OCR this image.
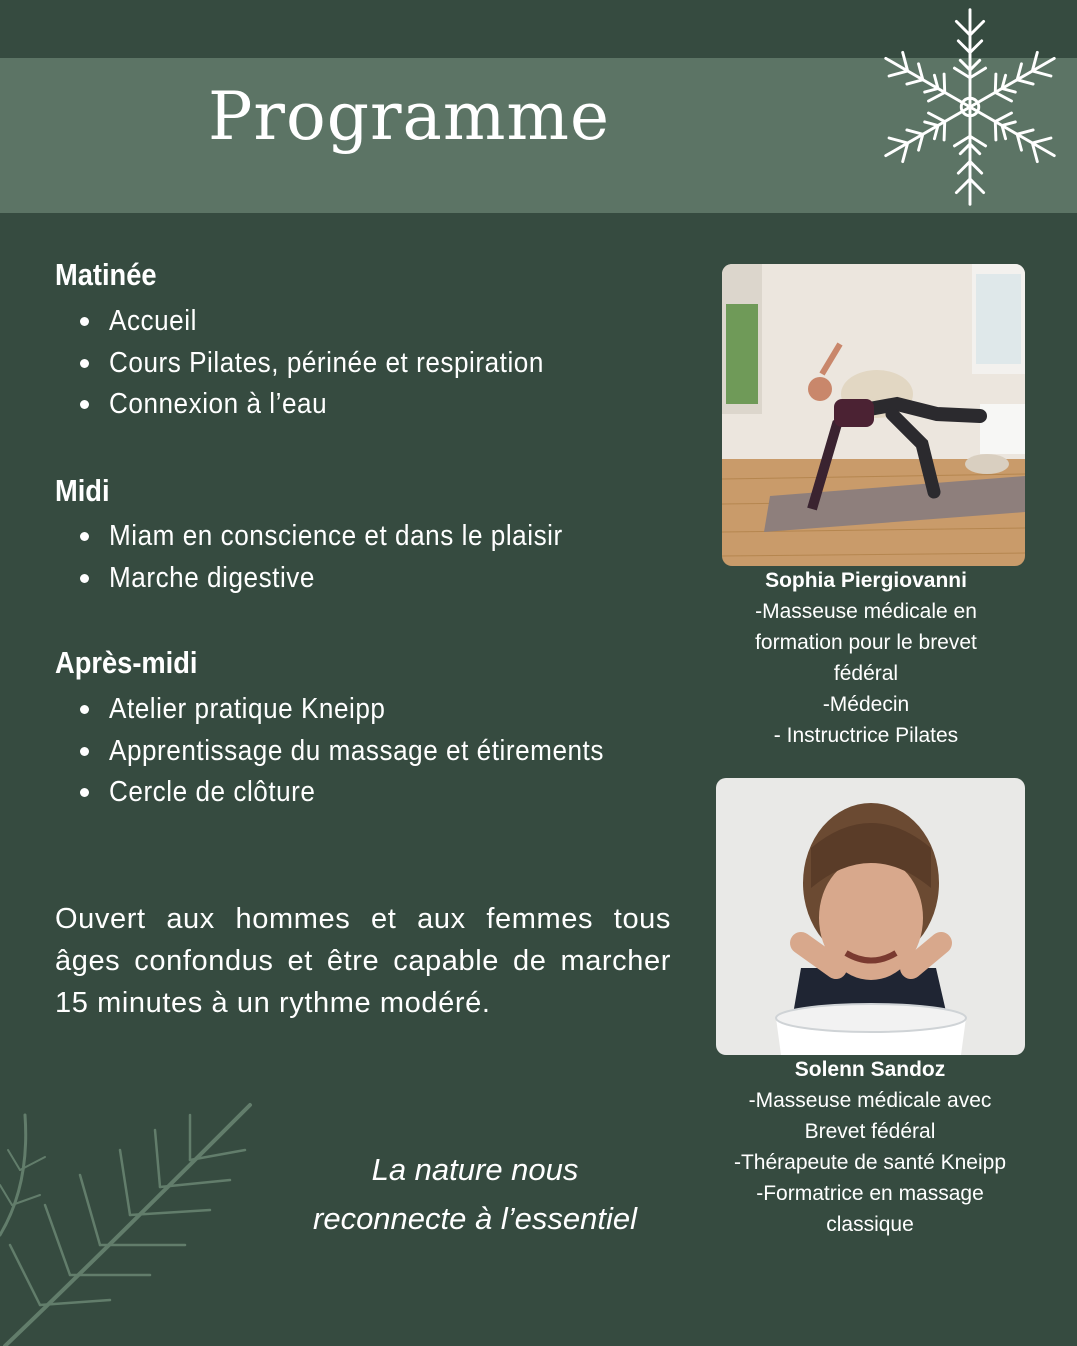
Programme
Matinée
Accueil
Cours Pilates, périnée et respiration
Connexion à l’eau
Midi
Miam en conscience et dans le plaisir
Marche digestive
Après-midi
Atelier pratique Kneipp
Apprentissage du massage et étirements
Cercle de clôture

Ouvert aux hommes et aux femmes tous âges confondus et être capable de marcher 15 minutes à un rythme modéré.

La nature nous
reconnecte à l’essentiel
Sophia Piergiovanni
-Masseuse médicale en
formation pour le brevet
fédéral
-Médecin
- Instructrice Pilates
Solenn Sandoz
-Masseuse médicale avec
Brevet fédéral
-Thérapeute de santé Kneipp
-Formatrice en massage
classique
